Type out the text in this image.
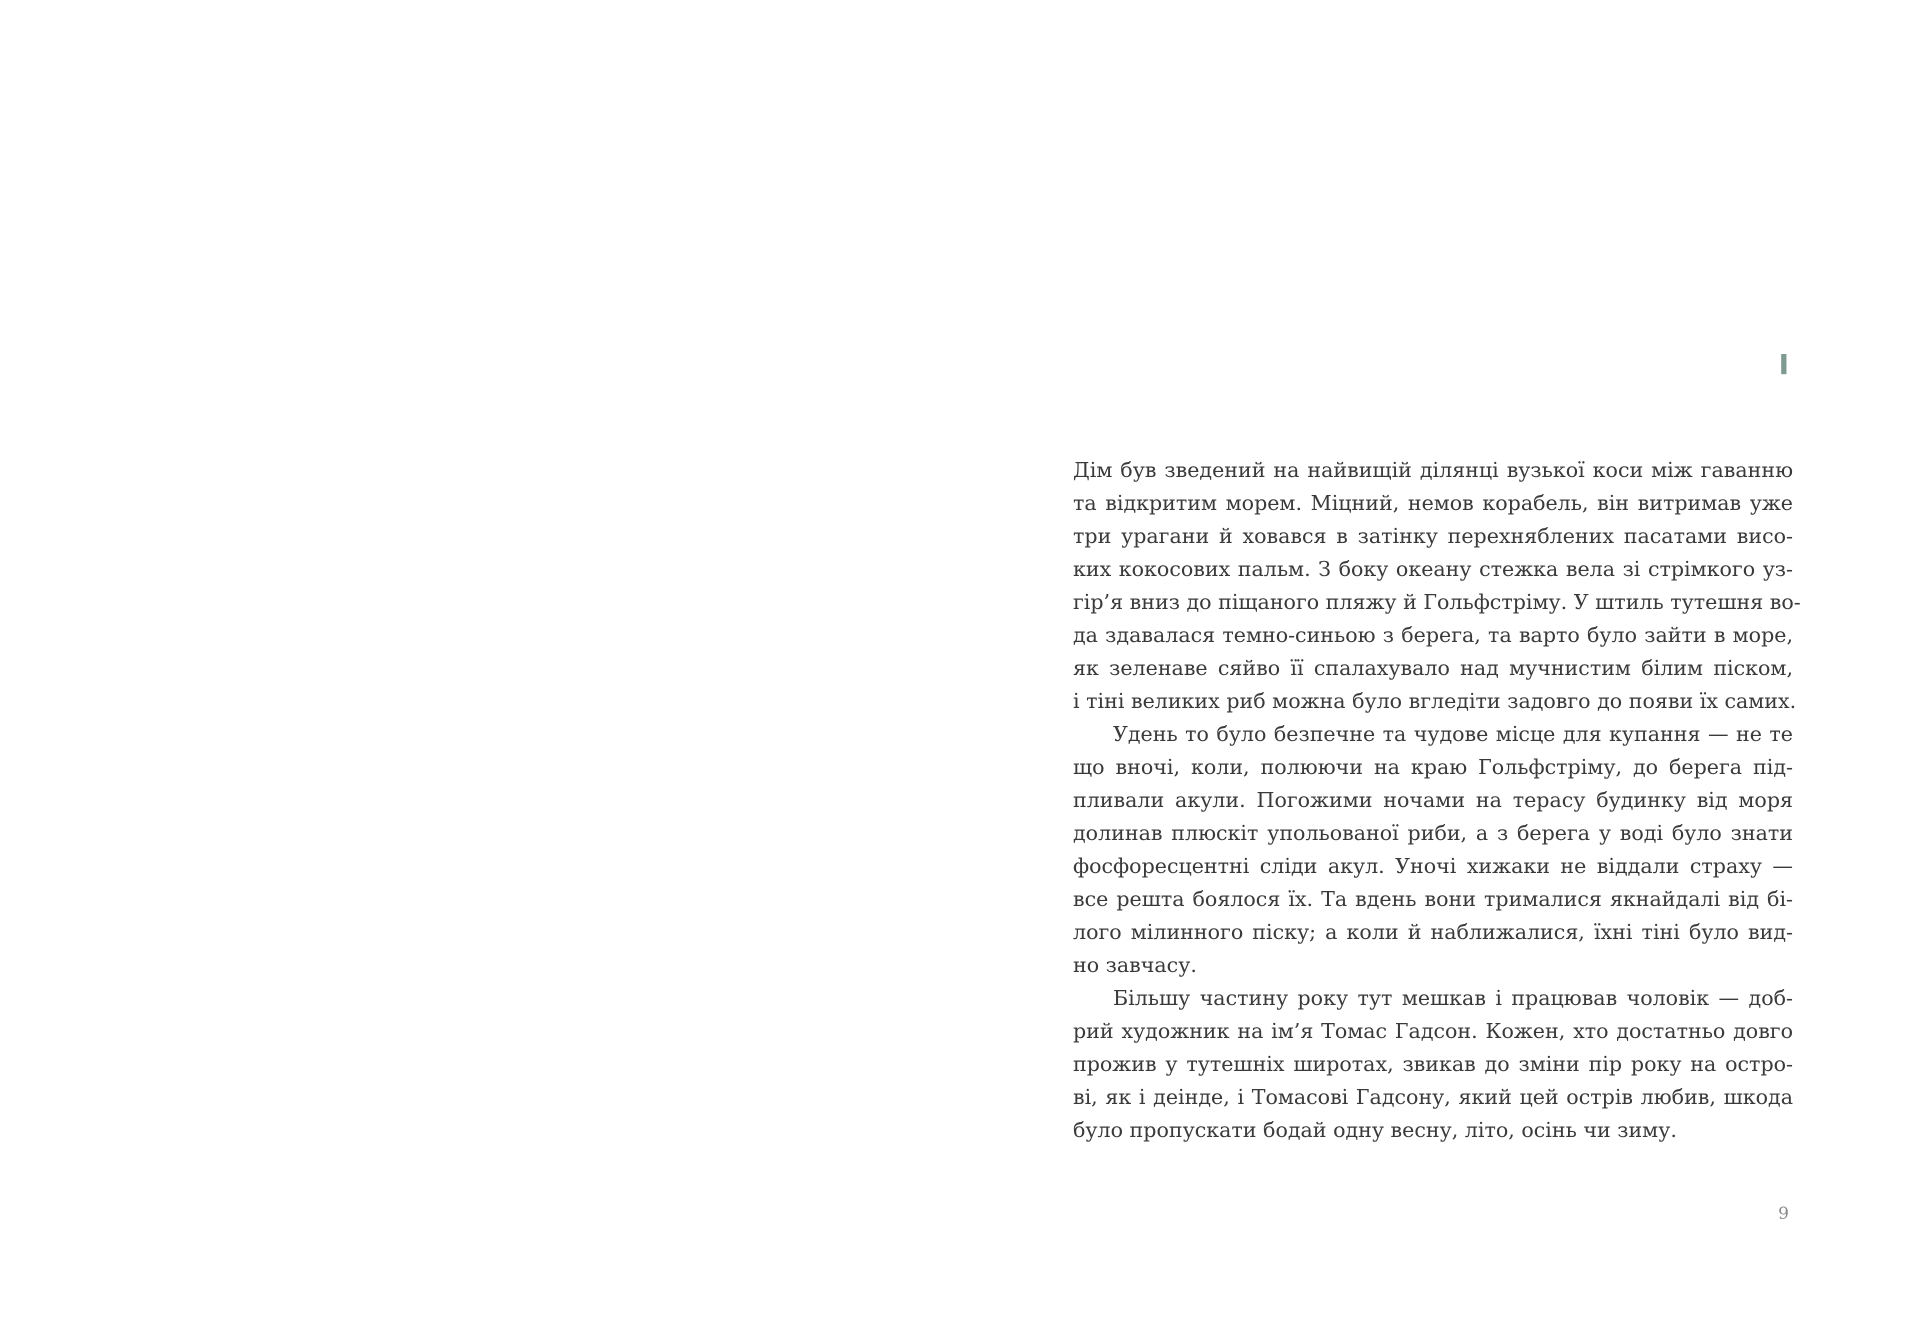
I

Дім був зведений на найвищій ділянці вузької коси між гаванню
та відкритим морем. Міцний, немов корабель, він витримав уже
три урагани й ховався в затінку перехняблених пасатами висо-
ких кокосових пальм. З боку океану стежка вела зі стрімкого уз-
гір’я вниз до піщаного пляжу й Гольфстріму. У штиль тутешня во-
да здавалася темно-синьою з берега, та варто було зайти в море,
як зеленаве сяйво її спалахувало над мучнистим білим піском,
і тіні великих риб можна було вгледіти задовго до появи їх самих.

Удень то було безпечне та чудове місце для купання — не те
що вночі, коли, полюючи на краю Гольфстріму, до берега під-
пливали акули. Погожими ночами на терасу будинку від моря
долинав плюскіт упольованої риби, а з берега у воді було знати
фосфоресцентні сліди акул. Уночі хижаки не віддали страху —
все решта боялося їх. Та вдень вони трималися якнайдалі від бі-
лого мілинного піску; а коли й наближалися, їхні тіні було вид-
но завчасу.

Більшу частину року тут мешкав і працював чоловік — доб-
рий художник на ім’я Томас Гадсон. Кожен, хто достатньо довго
прожив у тутешніх широтах, звикав до зміни пір року на остро-
ві, як і деінде, і Томасові Гадсону, який цей острів любив, шкода
було пропускати бодай одну весну, літо, осінь чи зиму.

9
